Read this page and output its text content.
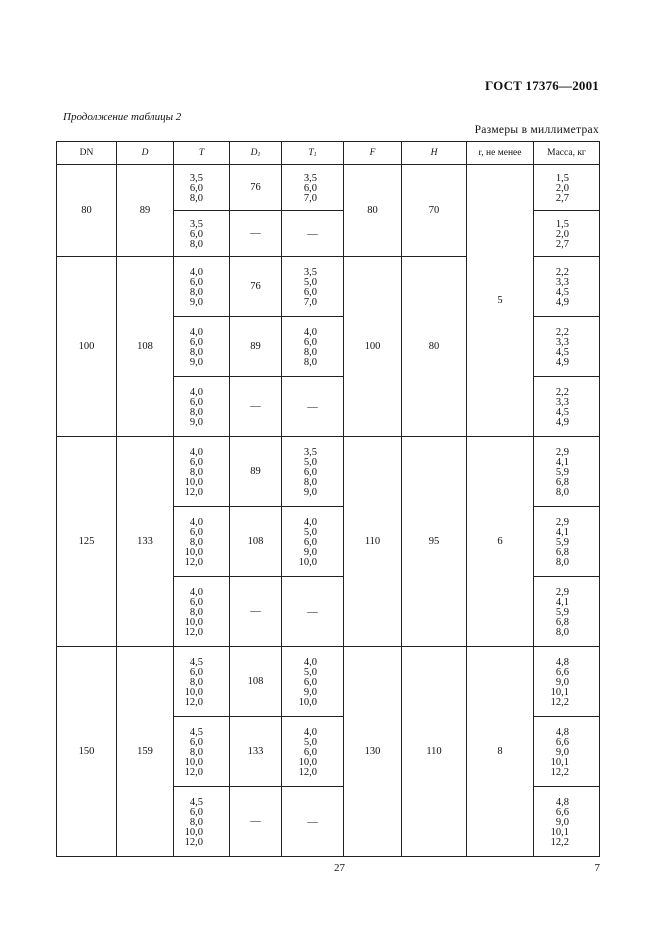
ГОСТ 17376—2001
Продолжение таблицы 2
Размеры в миллиметрах
DN	D	T	$D_1$	$T_1$	F	H	r, не менее	Масса, кг
80	89	3,5
6,0
8,0	76	3,5
6,0
7,0	80	70	5	1,5
2,0
2,7

		3,5
6,0
8,0	—	—				1,5
2,0
2,7

100	108	4,0
6,0
8,0
9,0	76	3,5
5,0
6,0
7,0	100	80		2,2
3,3
4,5
4,9

		4,0
6,0
8,0
9,0	89	4,0
6,0
8,0
8,0				2,2
3,3
4,5
4,9

		4,0
6,0
8,0
9,0	—	—				2,2
3,3
4,5
4,9

125	133	4,0
6,0
8,0
10,0
12,0	89	3,5
5,0
6,0
8,0
9,0	110	95	6	2,9
4,1
5,9
6,8
8,0

		4,0
6,0
8,0
10,0
12,0	108	4,0
5,0
6,0
9,0
10,0				2,9
4,1
5,9
6,8
8,0

		4,0
6,0
8,0
10,0
12,0	—	—				2,9
4,1
5,9
6,8
8,0

150	159	4,5
6,0
8,0
10,0
12,0	108	4,0
5,0
6,0
9,0
10,0	130	110	8	4,8
6,6
9,0
10,1
12,2

		4,5
6,0
8,0
10,0
12,0	133	4,0
5,0
6,0
10,0
12,0				4,8
6,6
9,0
10,1
12,2

		4,5
6,0
8,0
10,0
12,0	—	—				4,8
6,6
9,0
10,1
12,2
27	7
